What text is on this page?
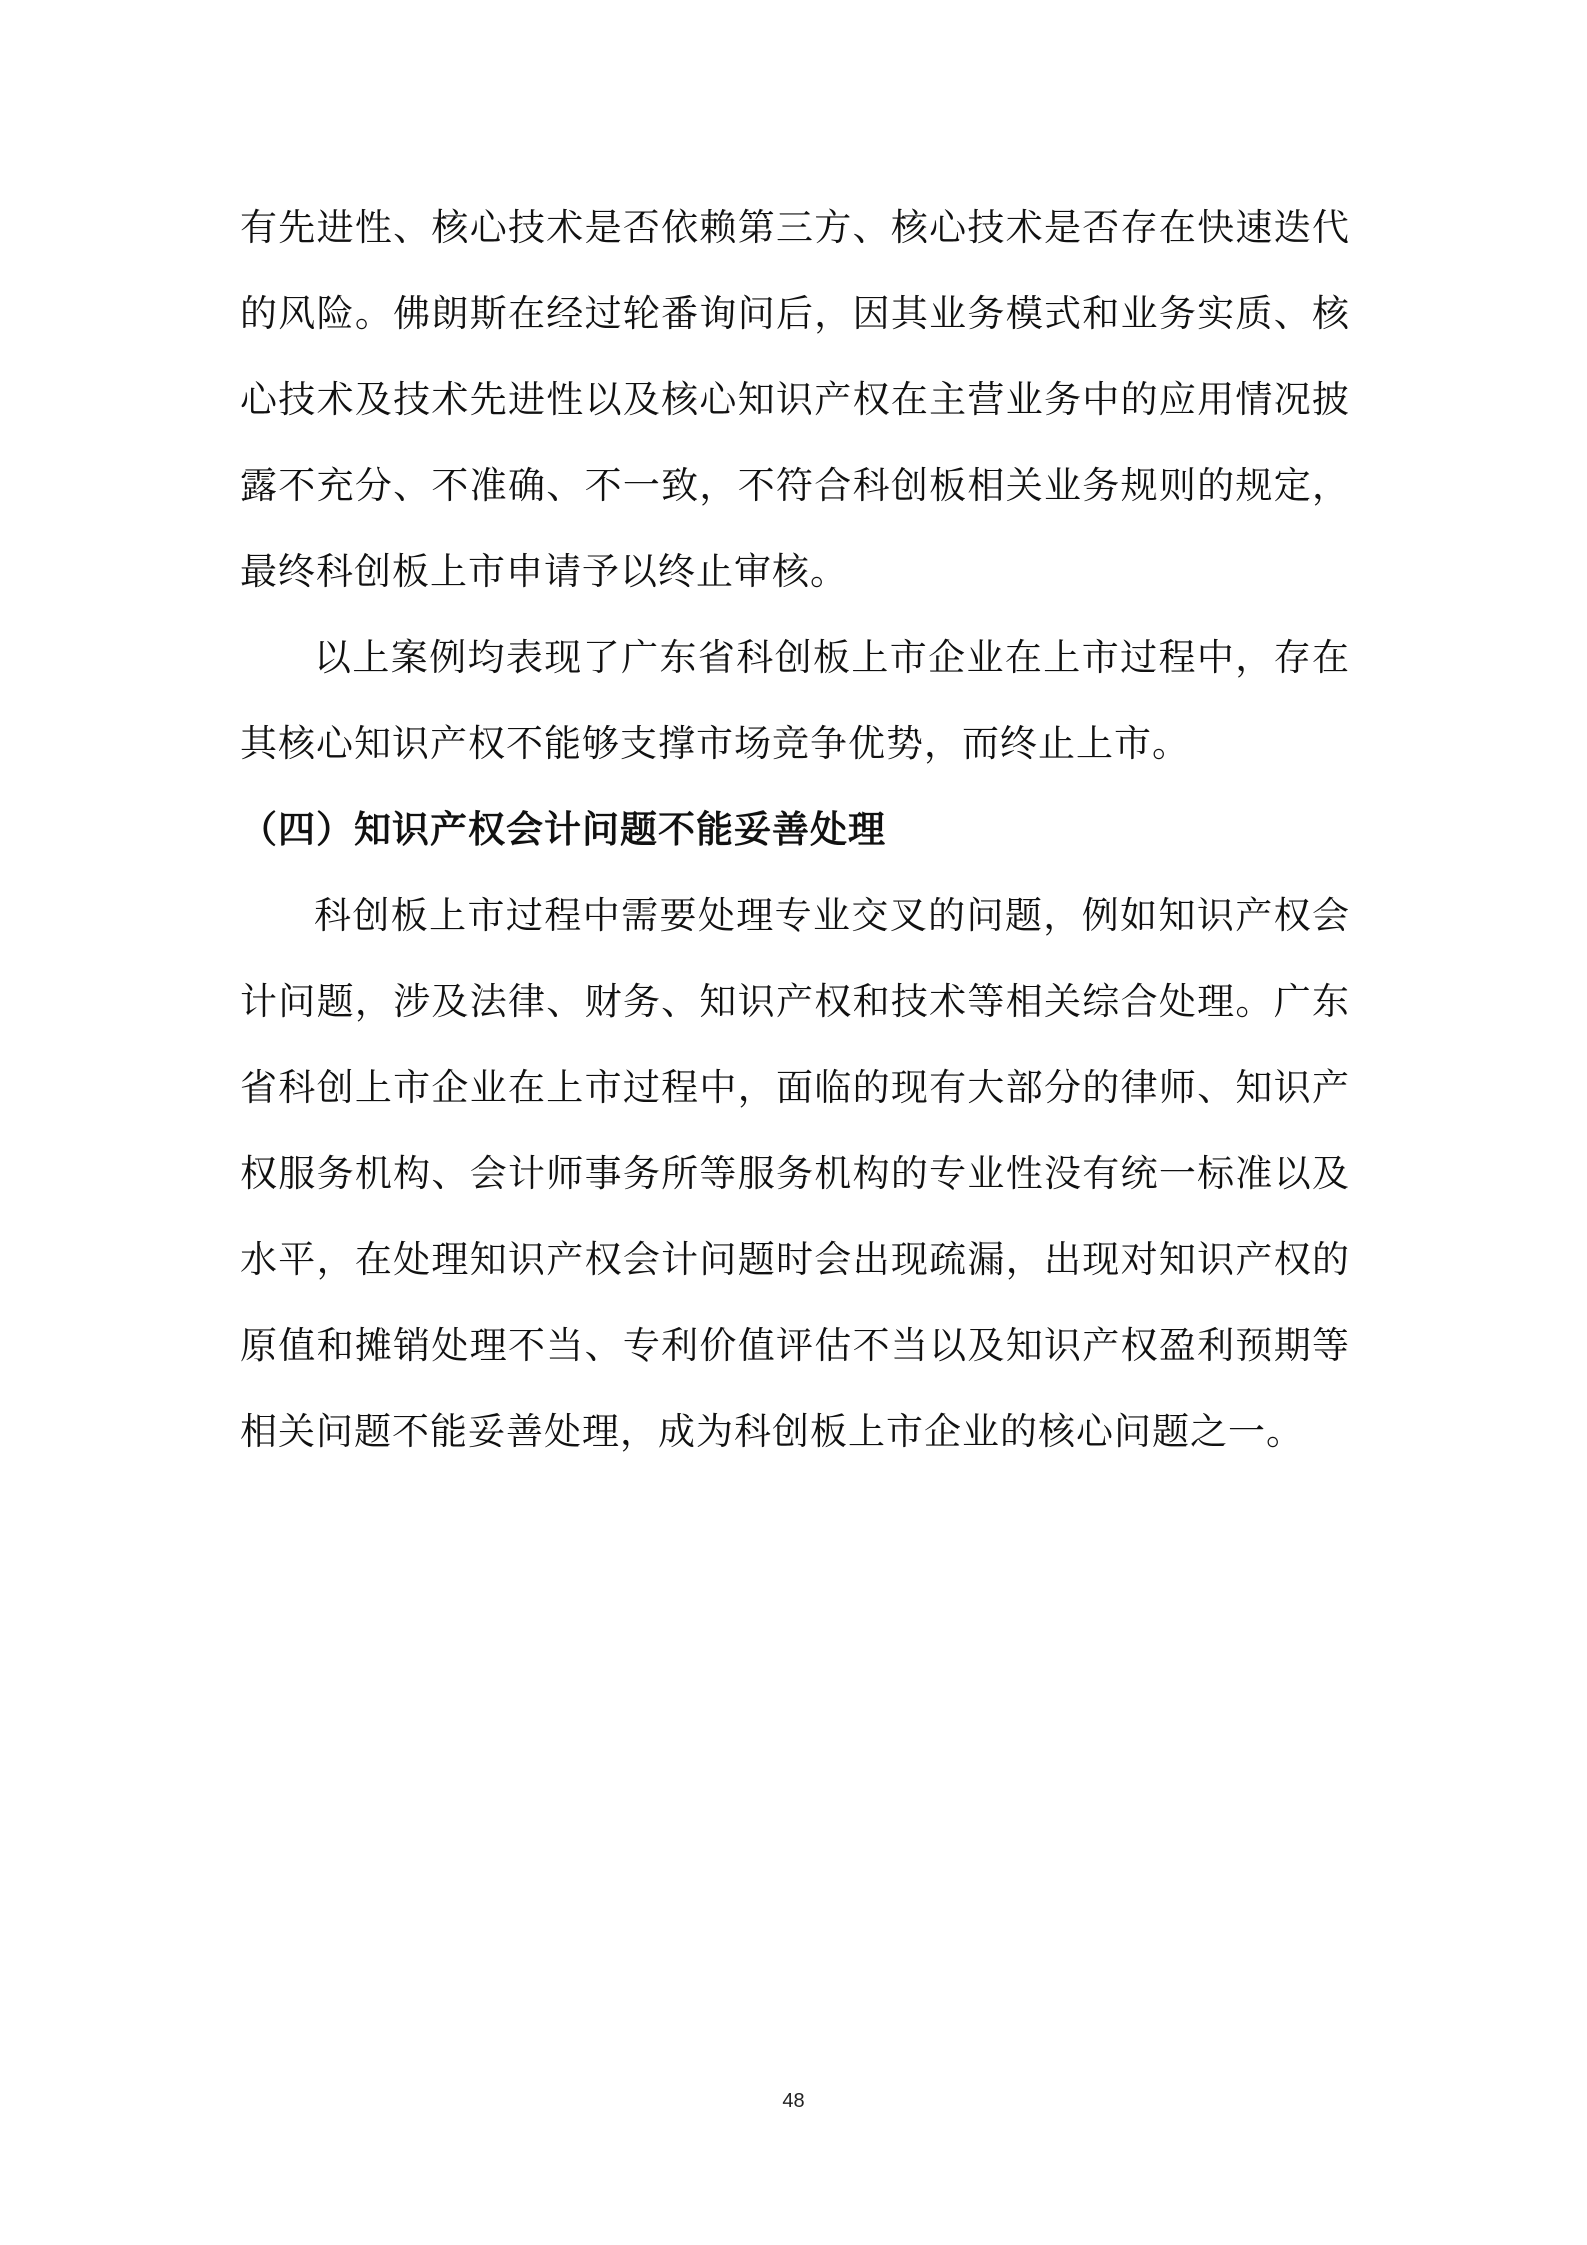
有先进性、核心技术是否依赖第三方、核心技术是否存在快速迭代的风险。佛朗斯在经过轮番询问后，因其业务模式和业务实质、核心技术及技术先进性以及核心知识产权在主营业务中的应用情况披露不充分、不准确、不一致，不符合科创板相关业务规则的规定，最终科创板上市申请予以终止审核。

以上案例均表现了广东省科创板上市企业在上市过程中，存在其核心知识产权不能够支撑市场竞争优势，而终止上市。

（四）知识产权会计问题不能妥善处理

科创板上市过程中需要处理专业交叉的问题，例如知识产权会计问题，涉及法律、财务、知识产权和技术等相关综合处理。广东省科创上市企业在上市过程中，面临的现有大部分的律师、知识产权服务机构、会计师事务所等服务机构的专业性没有统一标准以及水平，在处理知识产权会计问题时会出现疏漏，出现对知识产权的原值和摊销处理不当、专利价值评估不当以及知识产权盈利预期等相关问题不能妥善处理，成为科创板上市企业的核心问题之一。

48
